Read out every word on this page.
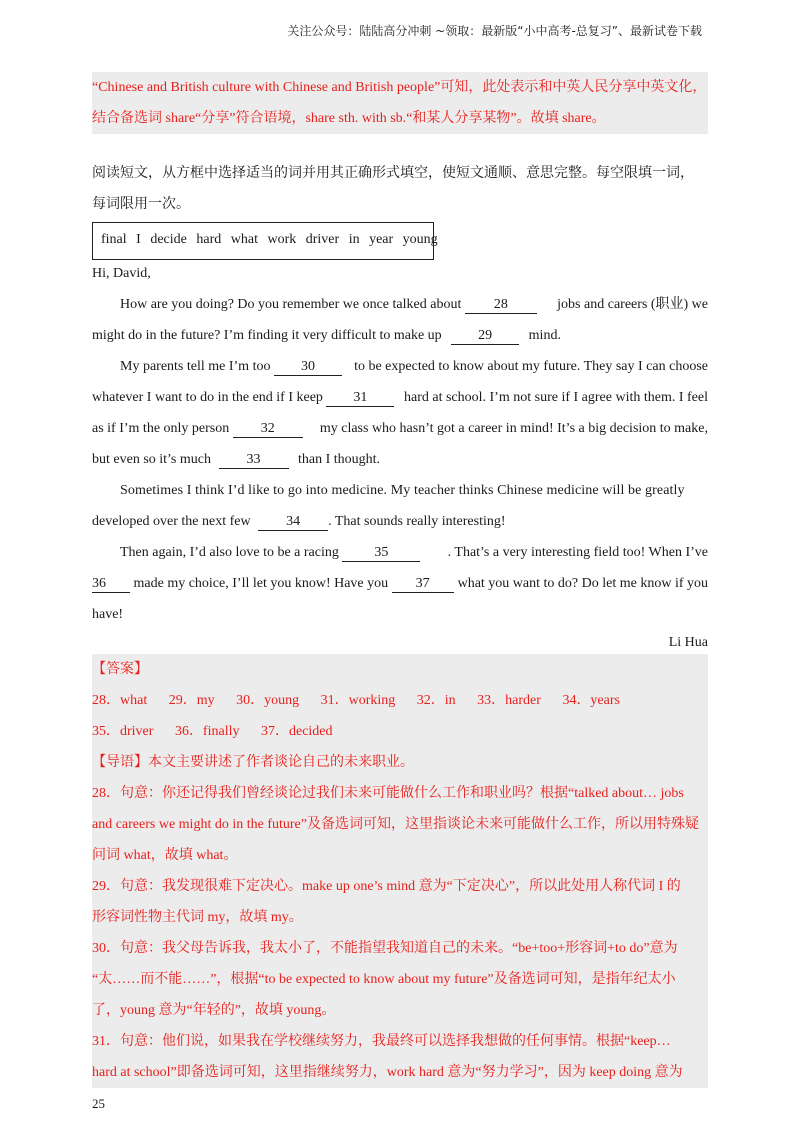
关注公众号：陆陆高分冲刺 ~领取：最新版“小中高考-总复习”、最新试卷下载
“Chinese and British culture with Chinese and British people”可知，此处表示和中英人民分享中英文化，
结合备选词 share“分享”符合语境，share sth. with sb.“和某人分享某物”。故填 share。
阅读短文，从方框中选择适当的词并用其正确形式填空，使短文通顺、意思完整。每空限填一词，
每词限用一次。
final I decide hard what work driver in year young
Hi, David,
How are you doing? Do you remember we once talked about 28	jobs and careers (职业) we
might do in the future? I’m finding it very difficult to make up	29	mind.
My parents tell me I’m too 30	to be expected to know about my future. They say I can choose
whatever I want to do in the end if I keep 31	hard at school. I’m not sure if I agree with them. I feel
as if I’m the only person 32	my class who hasn’t got a career in mind! It’s a big decision to make,
but even so it’s much	33	than I thought.
Sometimes I think I’d like to go into medicine. My teacher thinks Chinese medicine will be greatly
developed over the next few	34 . That sounds really interesting!
Then again, I’d also love to be a racing	35	. That’s a very interesting field too! When I’ve
36 made my choice, I’ll let you know! Have you 37	what you want to do? Do let me know if you
have!
Li Hua
【答案】
28．what 29．my 30．young 31．working 32．in 33．harder 34．years
35．driver 36．finally 37．decided
【导语】本文主要讲述了作者谈论自己的未来职业。
28．句意：你还记得我们曾经谈论过我们未来可能做什么工作和职业吗？根据“talked about… jobs
and careers we might do in the future”及备选词可知，这里指谈论未来可能做什么工作，所以用特殊疑
问词 what，故填 what。
29．句意：我发现很难下定决心。make up one’s mind 意为“下定决心”，所以此处用人称代词 I 的
形容词性物主代词 my，故填 my。
30．句意：我父母告诉我，我太小了，不能指望我知道自己的未来。“be+too+形容词+to do”意为
“太……而不能……”，根据“to be expected to know about my future”及备选词可知，是指年纪太小
了，young 意为“年轻的”，故填 young。
31．句意：他们说，如果我在学校继续努力，我最终可以选择我想做的任何事情。根据“keep…
hard at school”即备选词可知，这里指继续努力，work hard 意为“努力学习”，因为 keep doing 意为
25
